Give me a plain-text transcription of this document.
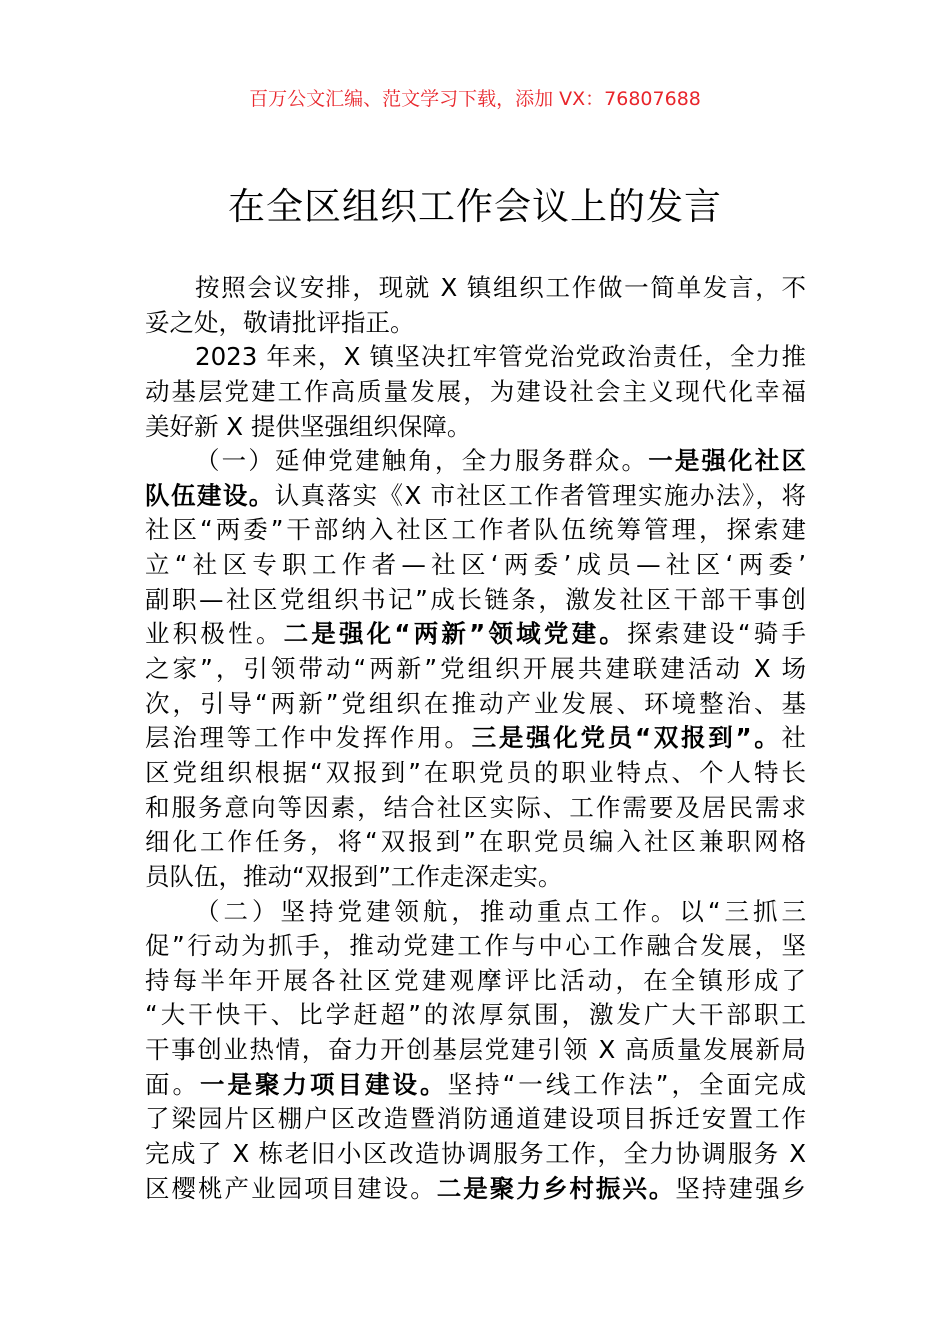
百万公文汇编、范文学习下载，添加 VX：76807688
在全区组织工作会议上的发言
按照会议安排，现就 X 镇组织工作做一简单发言，不
妥之处，敬请批评指正。
2023 年来，X 镇坚决扛牢管党治党政治责任，全力推
动基层党建工作高质量发展，为建设社会主义现代化幸福
美好新 X 提供坚强组织保障。
（一）延伸党建触角，全力服务群众。一是强化社区
队伍建设。认真落实《X 市社区工作者管理实施办法》，将
社区“两委”干部纳入社区工作者队伍统筹管理，探索建
立“社区专职工作者—社区‘两委’成员—社区‘两委’
副职—社区党组织书记”成长链条，激发社区干部干事创
业积极性。二是强化“两新”领域党建。探索建设“骑手
之家”，引领带动“两新”党组织开展共建联建活动 X 场
次，引导“两新”党组织在推动产业发展、环境整治、基
层治理等工作中发挥作用。三是强化党员“双报到”。社
区党组织根据“双报到”在职党员的职业特点、个人特长
和服务意向等因素，结合社区实际、工作需要及居民需求
细化工作任务，将“双报到”在职党员编入社区兼职网格
员队伍，推动“双报到”工作走深走实。
（二）坚持党建领航，推动重点工作。以“三抓三
促”行动为抓手，推动党建工作与中心工作融合发展，坚
持每半年开展各社区党建观摩评比活动，在全镇形成了
“大干快干、比学赶超”的浓厚氛围，激发广大干部职工
干事创业热情，奋力开创基层党建引领 X 高质量发展新局
面。一是聚力项目建设。坚持“一线工作法”，全面完成
了梁园片区棚户区改造暨消防通道建设项目拆迁安置工作
完成了 X 栋老旧小区改造协调服务工作，全力协调服务 X
区樱桃产业园项目建设。二是聚力乡村振兴。坚持建强乡
